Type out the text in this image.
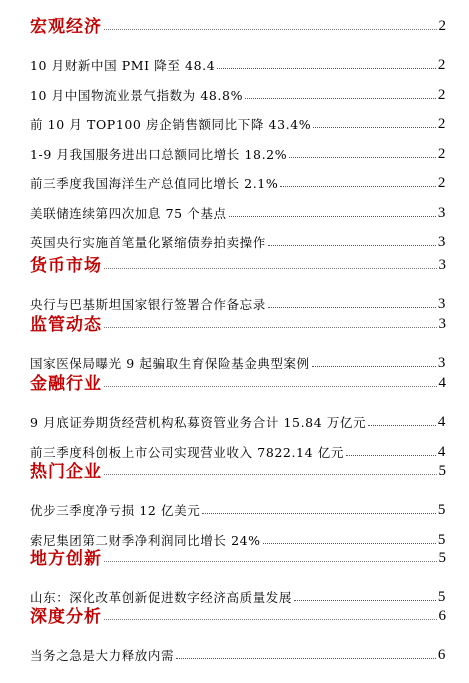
宏观经济	2
10 月财新中国 PMI 降至 48.4	2
10 月中国物流业景气指数为 48.8%	2
前 10 月 TOP100 房企销售额同比下降 43.4%	2
1-9 月我国服务进出口总额同比增长 18.2%	2
前三季度我国海洋生产总值同比增长 2.1%	2
美联储连续第四次加息 75 个基点	3
英国央行实施首笔量化紧缩债券拍卖操作	3
货币市场	3
央行与巴基斯坦国家银行签署合作备忘录	3
监管动态	3
国家医保局曝光 9 起骗取生育保险基金典型案例	3
金融行业	4
9 月底证券期货经营机构私募资管业务合计 15.84 万亿元	4
前三季度科创板上市公司实现营业收入 7822.14 亿元	4
热门企业	5
优步三季度净亏损 12 亿美元	5
索尼集团第二财季净利润同比增长 24%	5
地方创新	5
山东：深化改革创新促进数字经济高质量发展	5
深度分析	6
当务之急是大力释放内需	6
